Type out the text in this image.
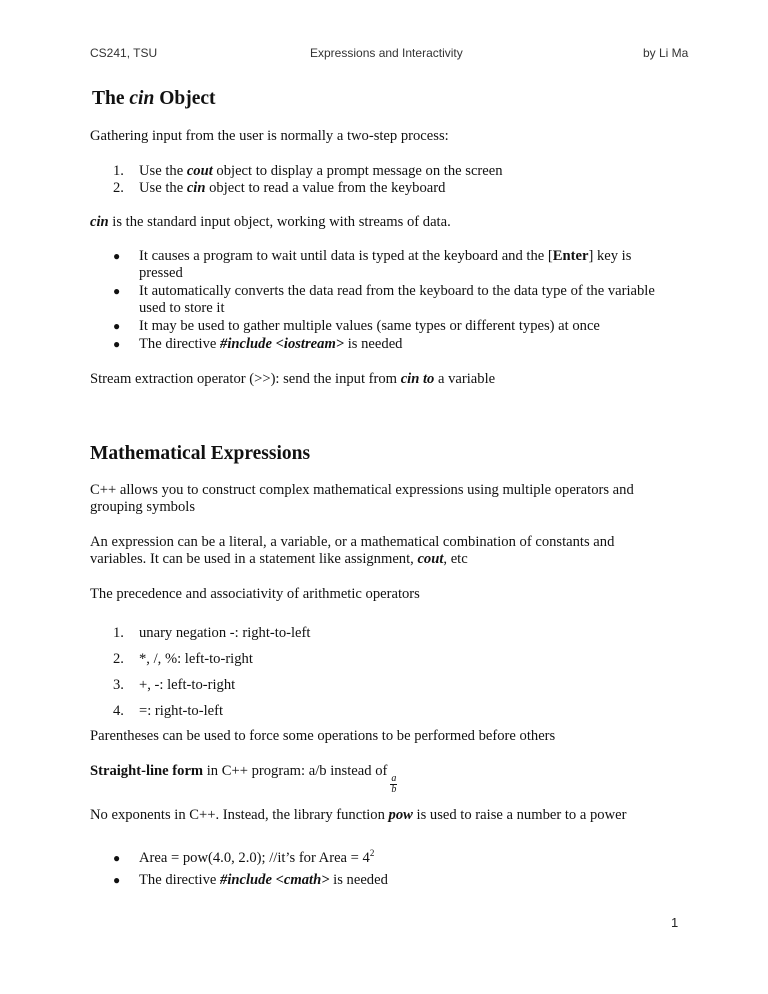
CS241, TSU	Expressions and Interactivity	by Li Ma
The cin Object
Gathering input from the user is normally a two-step process:
1. Use the cout object to display a prompt message on the screen
2. Use the cin object to read a value from the keyboard
cin is the standard input object, working with streams of data.
● It causes a program to wait until data is typed at the keyboard and the [Enter] key is
pressed
● It automatically converts the data read from the keyboard to the data type of the variable
used to store it
● It may be used to gather multiple values (same types or different types) at once
● The directive #include <iostream> is needed
Stream extraction operator (>>): send the input from cin to a variable
Mathematical Expressions
C++ allows you to construct complex mathematical expressions using multiple operators and
grouping symbols
An expression can be a literal, a variable, or a mathematical combination of constants and
variables. It can be used in a statement like assignment, cout, etc
The precedence and associativity of arithmetic operators
1. unary negation -: right-to-left
2. *, /, %: left-to-right
3. +, -: left-to-right
4. =: right-to-left
Parentheses can be used to force some operations to be performed before others
Straight-line form in C++ program: a/b instead of
$\frac{a}{b}$
No exponents in C++. Instead, the library function pow is used to raise a number to a power
● Area = pow(4.0, 2.0); //it’s for Area = $4^2$
● The directive #include <cmath> is needed
1
